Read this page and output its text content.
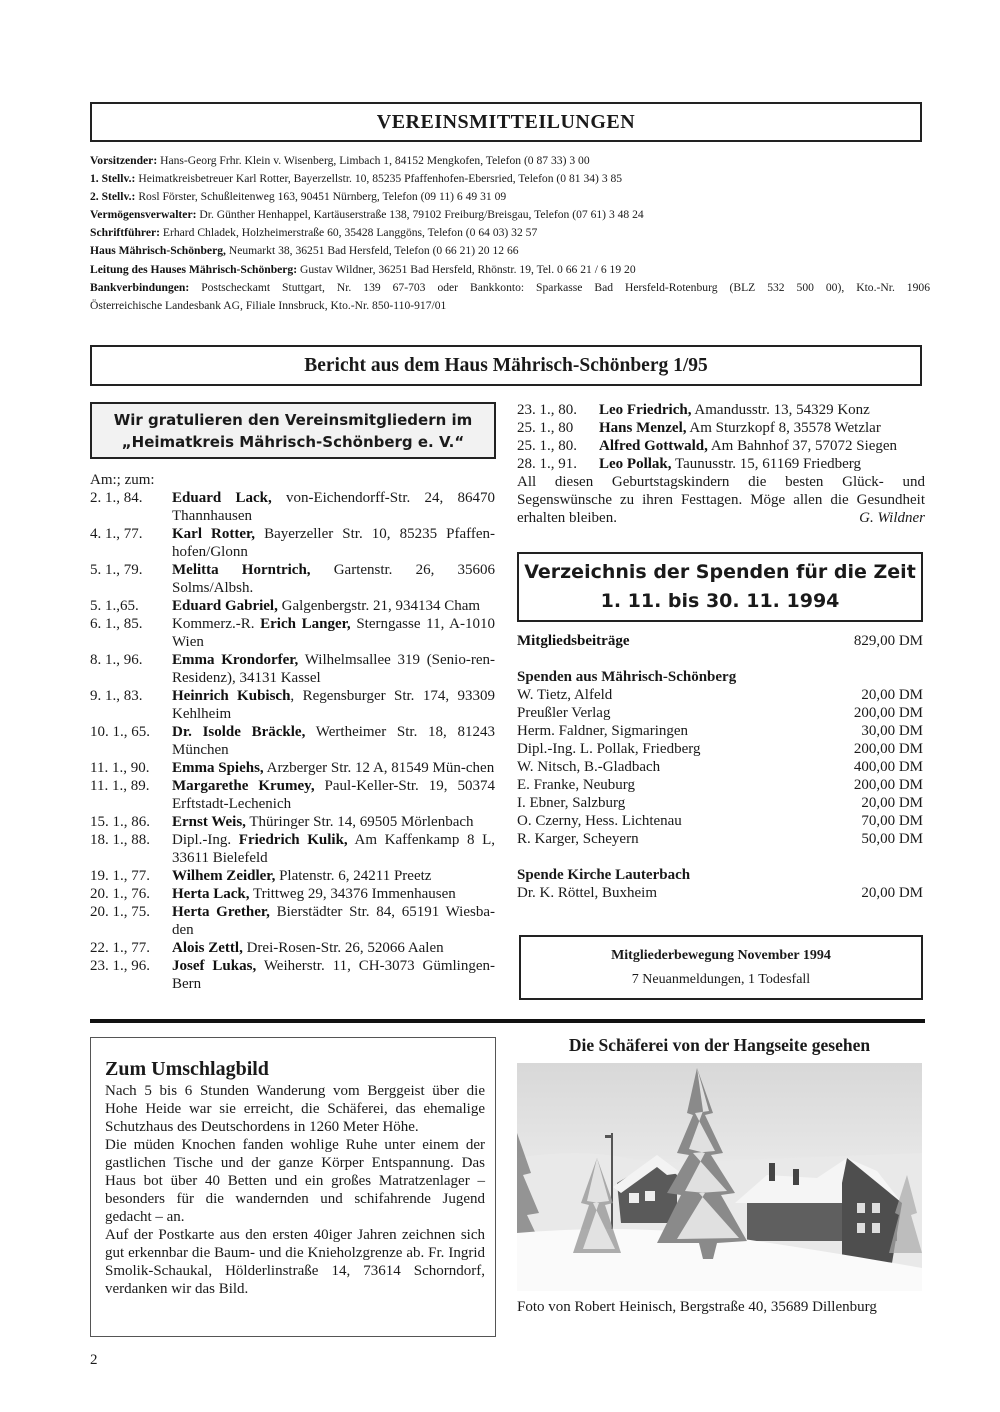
VEREINSMITTEILUNGEN
Vorsitzender: Hans-Georg Frhr. Klein v. Wisenberg, Limbach 1, 84152 Mengkofen, Telefon (0 87 33) 3 00
1. Stellv.: Heimatkreisbetreuer Karl Rotter, Bayerzellstr. 10, 85235 Pfaffenhofen-Ebersried, Telefon (0 81 34) 3 85
2. Stellv.: Rosl Förster, Schußleitenweg 163, 90451 Nürnberg, Telefon (09 11) 6 49 31 09
Vermögensverwalter: Dr. Günther Henhappel, Kartäuserstraße 138, 79102 Freiburg/Breisgau, Telefon (07 61) 3 48 24
Schriftführer: Erhard Chladek, Holzheimerstraße 60, 35428 Langgöns, Telefon (0 64 03) 32 57
Haus Mährisch-Schönberg, Neumarkt 38, 36251 Bad Hersfeld, Telefon (0 66 21) 20 12 66
Leitung des Hauses Mährisch-Schönberg: Gustav Wildner, 36251 Bad Hersfeld, Rhönstr. 19, Tel. 0 66 21 / 6 19 20
Bankverbindungen: Postscheckamt Stuttgart, Nr. 139 67-703 oder Bankkonto: Sparkasse Bad Hersfeld-Rotenburg (BLZ 532 500 00), Kto.-Nr. 1906
Österreichische Landesbank AG, Filiale Innsbruck, Kto.-Nr. 850-110-917/01
Bericht aus dem Haus Mährisch-Schönberg 1/95
Wir gratulieren den Vereinsmitgliedern im
„Heimatkreis Mährisch-Schönberg e. V.“
Am:; zum:
2. 1., 84.	Eduard Lack, von-Eichendorff-Str. 24, 86470 Thannhausen
4. 1., 77.	Karl Rotter, Bayerzeller Str. 10, 85235 Pfaffen-hofen/Glonn
5. 1., 79.	Melitta Horntrich, Gartenstr. 26, 35606 Solms/Albsh.
5. 1.,65.	Eduard Gabriel, Galgenbergstr. 21, 934134 Cham
6. 1., 85.	Kommerz.-R. Erich Langer, Sterngasse 11, A-1010 Wien
8. 1., 96.	Emma Krondorfer, Wilhelmsallee 319 (Senio-ren-Residenz), 34131 Kassel
9. 1., 83.	Heinrich Kubisch, Regensburger Str. 174, 93309 Kehlheim
10. 1., 65.	Dr. Isolde Bräckle, Wertheimer Str. 18, 81243 München
11. 1., 90.	Emma Spiehs, Arzberger Str. 12 A, 81549 Mün-chen
11. 1., 89.	Margarethe Krumey, Paul-Keller-Str. 19, 50374 Erftstadt-Lechenich
15. 1., 86.	Ernst Weis, Thüringer Str. 14, 69505 Mörlenbach
18. 1., 88.	Dipl.-Ing. Friedrich Kulik, Am Kaffenkamp 8 L, 33611 Bielefeld
19. 1., 77.	Wilhem Zeidler, Platenstr. 6, 24211 Preetz
20. 1., 76.	Herta Lack, Trittweg 29, 34376 Immenhausen
20. 1., 75.	Herta Grether, Bierstädter Str. 84, 65191 Wiesba-den
22. 1., 77.	Alois Zettl, Drei-Rosen-Str. 26, 52066 Aalen
23. 1., 96.	Josef Lukas, Weiherstr. 11, CH-3073 Gümlingen-Bern
23. 1., 80.	Leo Friedrich, Amandusstr. 13, 54329 Konz
25. 1., 80	Hans Menzel, Am Sturzkopf 8, 35578 Wetzlar
25. 1., 80.	Alfred Gottwald, Am Bahnhof 37, 57072 Siegen
28. 1., 91.	Leo Pollak, Taunusstr. 15, 61169 Friedberg
All diesen Geburtstagskindern die besten Glück- und Segenswünsche zu ihren Festtagen. Möge allen die Gesundheit erhalten bleiben.	G. Wildner
Verzeichnis der Spenden für die Zeit
1. 11. bis 30. 11. 1994
Mitgliedsbeiträge	829,00 DM
Spenden aus Mährisch-Schönberg
W. Tietz, Alfeld	20,00 DM
Preußler Verlag	200,00 DM
Herm. Faldner, Sigmaringen	30,00 DM
Dipl.-Ing. L. Pollak, Friedberg	200,00 DM
W. Nitsch, B.-Gladbach	400,00 DM
E. Franke, Neuburg	200,00 DM
I. Ebner, Salzburg	20,00 DM
O. Czerny, Hess. Lichtenau	70,00 DM
R. Karger, Scheyern	50,00 DM
Spende Kirche Lauterbach
Dr. K. Röttel, Buxheim	20,00 DM
Mitgliederbewegung November 1994
7 Neuanmeldungen, 1 Todesfall
Zum Umschlagbild

Nach 5 bis 6 Stunden Wanderung vom Berggeist über die Hohe Heide war sie erreicht, die Schäferei, das ehemalige Schutzhaus des Deutschordens in 1260 Meter Höhe.

Die müden Knochen fanden wohlige Ruhe unter einem der gastlichen Tische und der ganze Körper Entspannung. Das Haus bot über 40 Betten und ein großes Matratzenlager – besonders für die wandernden und schifahrende Jugend gedacht – an.

Auf der Postkarte aus den ersten 40iger Jahren zeichnen sich gut erkennbar die Baum- und die Knieholzgrenze ab. Fr. Ingrid Smolik-Schaukal, Hölderlinstraße 14, 73614 Schorndorf, verdanken wir das Bild.

Die Schäferei von der Hangseite gesehen
Foto von Robert Heinisch, Bergstraße 40, 35689 Dillenburg
2
